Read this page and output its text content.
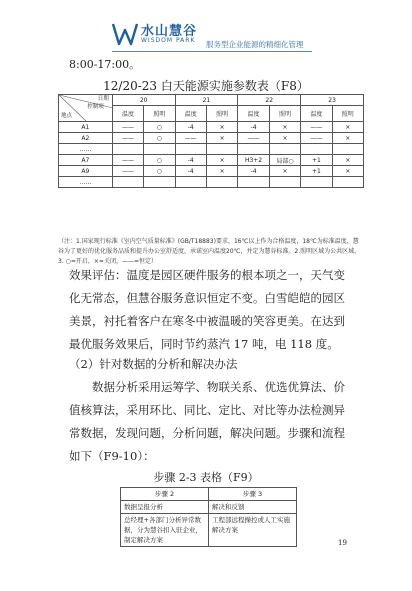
水山慧谷
WISDOM PARK 服务型企业能源的精细化管理
8:00-17:00。
12/20-23 白天能源实施参数表（F8）
日期
控制项
地点	20		21		22		23	
	温度	照明	温度	照明	温度	照明	温度	照明
A1	——	○	-4	×	-4	×	——	×
A2	——	○	——	×	——	×	——	×
……								
A7	——	○	-4	×	H3+2	局部○	+1	×
A9	——	○	-4	×	-4	×	+1	×
……								
（注：1.国家现行标准《室内空气质量标准》(GB/T18883)要求，16℃以上作为合格温度，18℃为标准温度，慧谷为了更好的优化服务品质和提升办公室舒适度，承诺室内温度20℃，并定为慧谷标准。2.照明区域为公共区域。 3. ○=开启，×=关闭，——=恒定）
效果评估：温度是园区硬件服务的根本项之一，天气变化无常态，但慧谷服务意识恒定不变。白雪皑皑的园区美景，衬托着客户在寒冬中被温暖的笑容更美。在达到最优服务效果后，同时节约蒸汽 17 吨，电 118 度。
（2）针对数据的分析和解决办法
数据分析采用运筹学、物联关系、优选优算法、价值核算法，采用环比、同比、定比、对比等办法检测异常数据，发现问题，分析问题，解决问题。步骤和流程如下（F9-10）：
步骤 2-3 表格（F9）
步骤 2	步骤 3
数据呈报分析	解决和反馈
总经理+各部门分析异常数据，分为慧谷扣入驻企业，制定解决方案	工程部远程操控或人工实施解决方案
19
